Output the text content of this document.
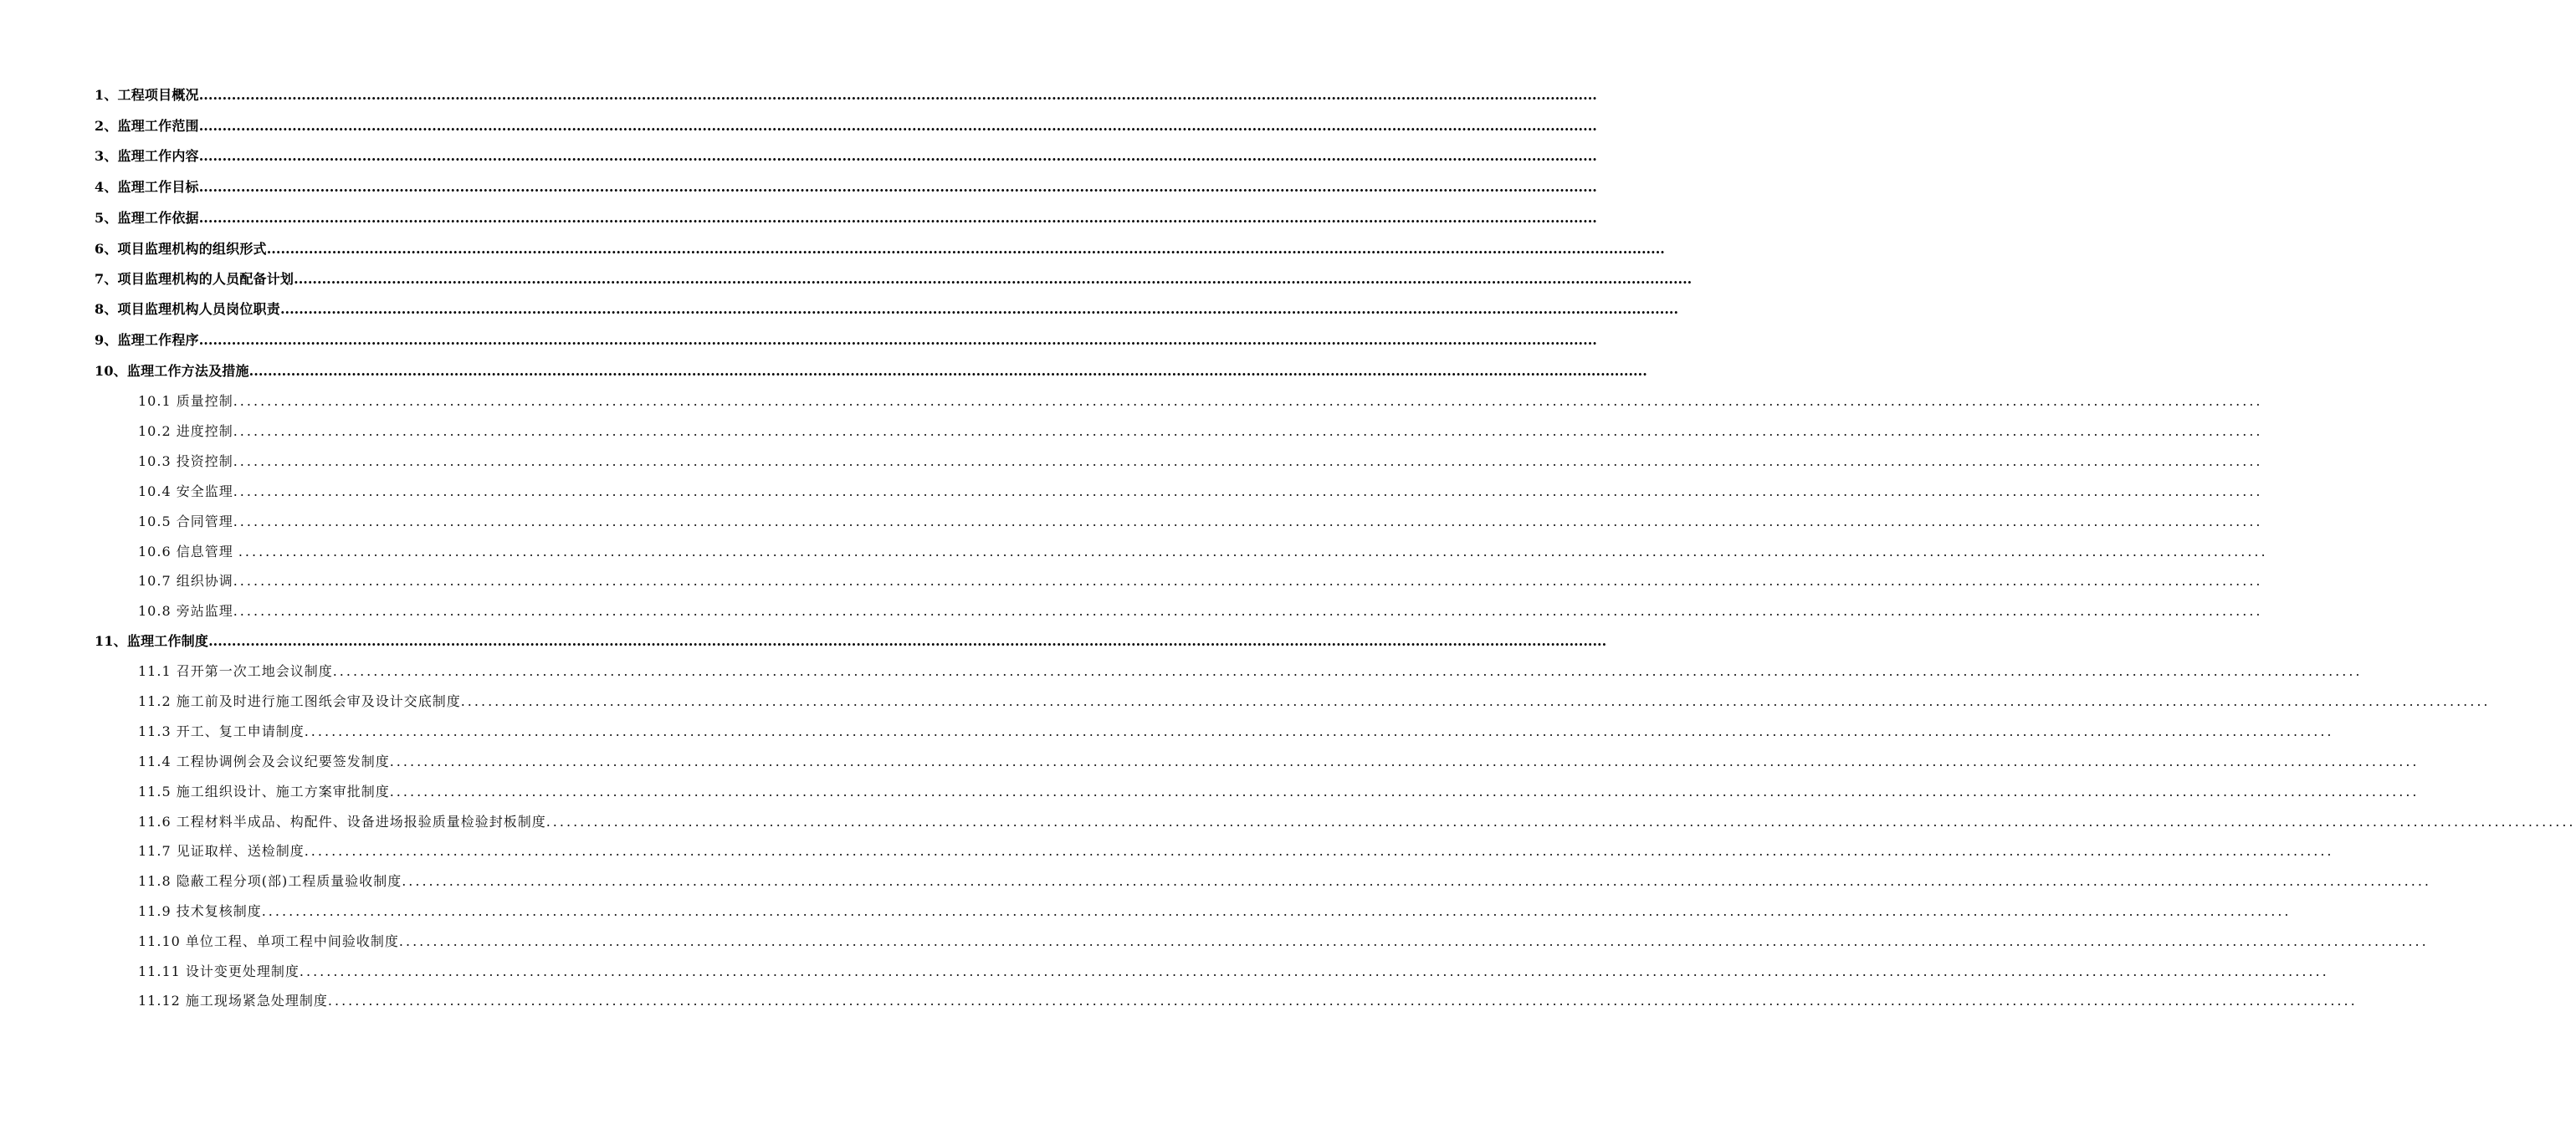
1、工程项目概况............................................................................................................................................................................................................................................................................................................
2、监理工作范围............................................................................................................................................................................................................................................................................................................
3、监理工作内容............................................................................................................................................................................................................................................................................................................
4、监理工作目标............................................................................................................................................................................................................................................................................................................
5、监理工作依据............................................................................................................................................................................................................................................................................................................
6、项目监理机构的组织形式............................................................................................................................................................................................................................................................................................................
7、项目监理机构的人员配备计划............................................................................................................................................................................................................................................................................................................
8、项目监理机构人员岗位职责............................................................................................................................................................................................................................................................................................................
9、监理工作程序............................................................................................................................................................................................................................................................................................................
10、监理工作方法及措施............................................................................................................................................................................................................................................................................................................
10.1 质量控制............................................................................................................................................................................................................................................................................................................
10.2 进度控制............................................................................................................................................................................................................................................................................................................
10.3 投资控制............................................................................................................................................................................................................................................................................................................
10.4 安全监理............................................................................................................................................................................................................................................................................................................
10.5 合同管理............................................................................................................................................................................................................................................................................................................
10.6 信息管理 ............................................................................................................................................................................................................................................................................................................
10.7 组织协调............................................................................................................................................................................................................................................................................................................
10.8 旁站监理............................................................................................................................................................................................................................................................................................................
11、监理工作制度............................................................................................................................................................................................................................................................................................................
11.1 召开第一次工地会议制度............................................................................................................................................................................................................................................................................................................
11.2 施工前及时进行施工图纸会审及设计交底制度............................................................................................................................................................................................................................................................................................................
11.3 开工、复工申请制度............................................................................................................................................................................................................................................................................................................
11.4 工程协调例会及会议纪要签发制度............................................................................................................................................................................................................................................................................................................
11.5 施工组织设计、施工方案审批制度............................................................................................................................................................................................................................................................................................................
11.6 工程材料半成品、构配件、设备进场报验质量检验封板制度............................................................................................................................................................................................................................................................................................................
11.7 见证取样、送检制度............................................................................................................................................................................................................................................................................................................
11.8 隐蔽工程分项(部)工程质量验收制度............................................................................................................................................................................................................................................................................................................
11.9 技术复核制度............................................................................................................................................................................................................................................................................................................
11.10 单位工程、单项工程中间验收制度............................................................................................................................................................................................................................................................................................................
11.11 设计变更处理制度............................................................................................................................................................................................................................................................................................................
11.12 施工现场紧急处理制度............................................................................................................................................................................................................................................................................................................
